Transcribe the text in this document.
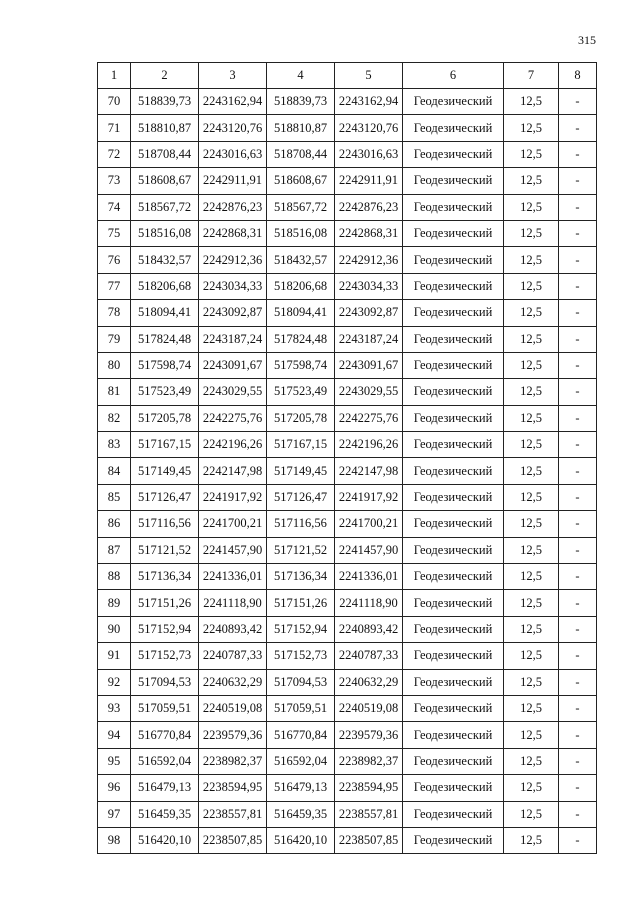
315
1	2	3	4	5	6	7	8
70	518839,73	2243162,94	518839,73	2243162,94	Геодезический	12,5	-
71	518810,87	2243120,76	518810,87	2243120,76	Геодезический	12,5	-
72	518708,44	2243016,63	518708,44	2243016,63	Геодезический	12,5	-
73	518608,67	2242911,91	518608,67	2242911,91	Геодезический	12,5	-
74	518567,72	2242876,23	518567,72	2242876,23	Геодезический	12,5	-
75	518516,08	2242868,31	518516,08	2242868,31	Геодезический	12,5	-
76	518432,57	2242912,36	518432,57	2242912,36	Геодезический	12,5	-
77	518206,68	2243034,33	518206,68	2243034,33	Геодезический	12,5	-
78	518094,41	2243092,87	518094,41	2243092,87	Геодезический	12,5	-
79	517824,48	2243187,24	517824,48	2243187,24	Геодезический	12,5	-
80	517598,74	2243091,67	517598,74	2243091,67	Геодезический	12,5	-
81	517523,49	2243029,55	517523,49	2243029,55	Геодезический	12,5	-
82	517205,78	2242275,76	517205,78	2242275,76	Геодезический	12,5	-
83	517167,15	2242196,26	517167,15	2242196,26	Геодезический	12,5	-
84	517149,45	2242147,98	517149,45	2242147,98	Геодезический	12,5	-
85	517126,47	2241917,92	517126,47	2241917,92	Геодезический	12,5	-
86	517116,56	2241700,21	517116,56	2241700,21	Геодезический	12,5	-
87	517121,52	2241457,90	517121,52	2241457,90	Геодезический	12,5	-
88	517136,34	2241336,01	517136,34	2241336,01	Геодезический	12,5	-
89	517151,26	2241118,90	517151,26	2241118,90	Геодезический	12,5	-
90	517152,94	2240893,42	517152,94	2240893,42	Геодезический	12,5	-
91	517152,73	2240787,33	517152,73	2240787,33	Геодезический	12,5	-
92	517094,53	2240632,29	517094,53	2240632,29	Геодезический	12,5	-
93	517059,51	2240519,08	517059,51	2240519,08	Геодезический	12,5	-
94	516770,84	2239579,36	516770,84	2239579,36	Геодезический	12,5	-
95	516592,04	2238982,37	516592,04	2238982,37	Геодезический	12,5	-
96	516479,13	2238594,95	516479,13	2238594,95	Геодезический	12,5	-
97	516459,35	2238557,81	516459,35	2238557,81	Геодезический	12,5	-
98	516420,10	2238507,85	516420,10	2238507,85	Геодезический	12,5	-
